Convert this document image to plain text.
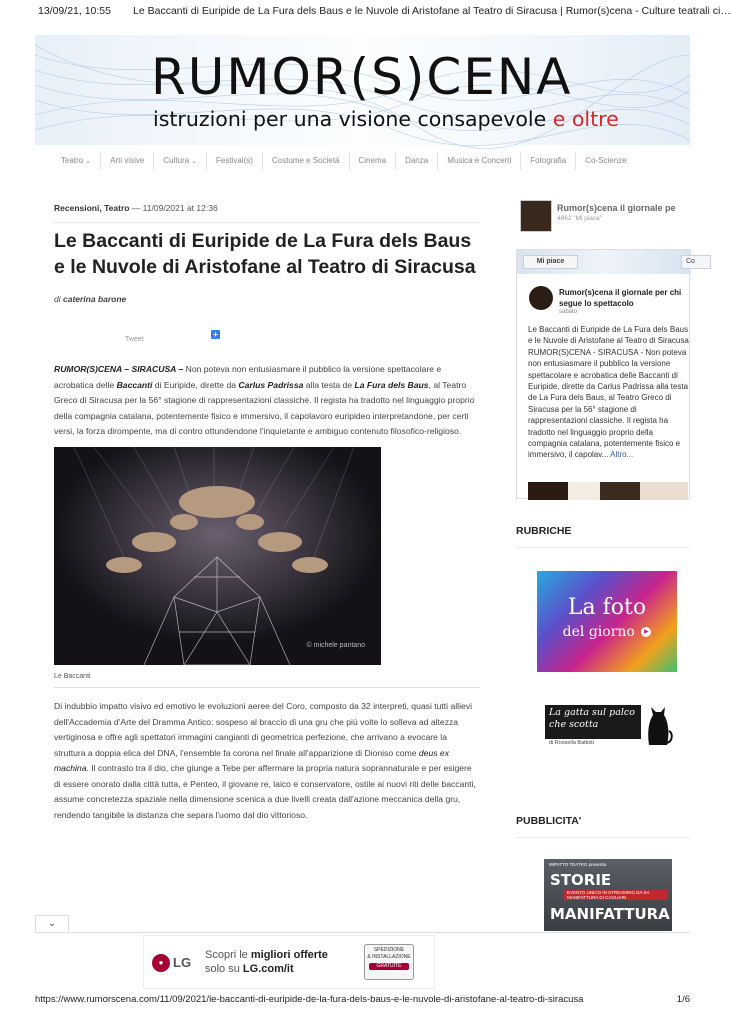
13/09/21, 10:55 Le Baccanti di Euripide de La Fura dels Baus e le Nuvole di Aristofane al Teatro di Siracusa | Rumor(s)cena - Culture teatrali ci…
RUMOR(S)CENA
istruzioni per una visione consapevole e oltre
Teatro ⌄	Arti visive	Cultura ⌄	Festival(s)	Costume e Società	Cinema	Danza	Musica e Concerti	Fotografia	Co-Scienze
Recensioni, Teatro — 11/09/2021 at 12:36
Le Baccanti di Euripide de La Fura dels Baus e le Nuvole di Aristofane al Teatro di Siracusa
di caterina barone
Tweet
+
RUMOR(S)CENA – SIRACUSA – Non poteva non entusiasmare il pubblico la versione spettacolare e acrobatica delle Baccanti di Euripide, dirette da Carlus Padrissa alla testa de La Fura dels Baus, al Teatro Greco di Siracusa per la 56° stagione di rappresentazioni classiche. Il regista ha tradotto nel linguaggio proprio della compagnia catalana, potentemente fisico e immersivo, il capolavoro euripideo interpretandone, per certi versi, la forza dirompente, ma di contro ottundendone l'inquietante e ambiguo contenuto filosofico-religioso.
© michele pantano
Le Baccanti
Di indubbio impatto visivo ed emotivo le evoluzioni aeree del Coro, composto da 32 interpreti, quasi tutti allievi dell'Accademia d'Arte del Dramma Antico: sospeso al braccio di una gru che più volte lo solleva ad altezza vertiginosa e offre agli spettatori immagini cangianti di geometrica perfezione, che arrivano a evocare la struttura a doppia elica del DNA, l'ensemble fa corona nel finale all'apparizione di Dioniso come deus ex machina. Il contrasto tra il dio, che giunge a Tebe per affermare la propria natura soprannaturale e per esigere di essere onorato dalla città tutta, e Penteo, il giovane re, laico e conservatore, ostile ai nuovi riti delle baccanti, assume concretezza spaziale nella dimensione scenica a due livelli creata dall'azione meccanica della gru, rendendo tangibile la distanza che separa l'uomo dal dio vittorioso.
Rumor(s)cena il giornale pe
4862 "Mi piace"
Mi piace	Co
Rumor(s)cena il giornale per chi segue lo spettacolo
sabato
Le Baccanti di Euripide de La Fura dels Baus e le Nuvole di Aristofane al Teatro di Siracusa
RUMOR(S)CENA - SIRACUSA - Non poteva non entusiasmare il pubblico la versione spettacolare e acrobatica delle Baccanti di Euripide, dirette da Carlus Padrissa alla testa de La Fura dels Baus, al Teatro Greco di Siracusa per la 56° stagione di rappresentazioni classiche. Il regista ha tradotto nel linguaggio proprio della compagnia catalana, potentemente fisico e immersivo, il capolav... Altro...
RUBRICHE
La foto
del giorno ▶
La gatta sul palco che scotta
di Rossella Battisti
PUBBLICITA'
IMPATTO TEATRO presenta
STORIE
EVENTO UNICO IN STREAMING DA SA MANIFATTURA DI CAGLIARI
MANIFATTURA
⌄
● LG Scopri le migliori offerte
solo su LG.com/it
SPEDIZIONE
& INSTALLAZIONE
GRATUITE
https://www.rumorscena.com/11/09/2021/le-baccanti-di-euripide-de-la-fura-dels-baus-e-le-nuvole-di-aristofane-al-teatro-di-siracusa	1/6
